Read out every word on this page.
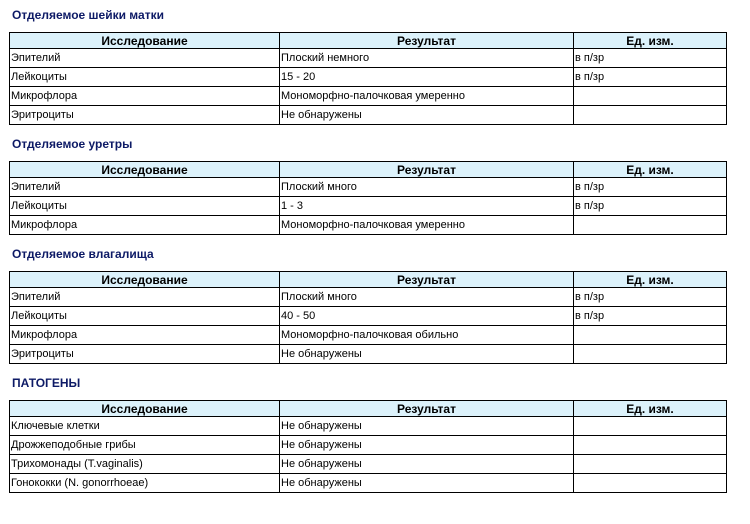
Отделяемое шейки матки
Исследование	Результат	Ед. изм.
Эпителий	Плоский немного	в п/зр
Лейкоциты	15 - 20	в п/зр
Микрофлора	Мономорфно-палочковая умеренно	
Эритроциты	Не обнаружены	
Отделяемое уретры
Исследование	Результат	Ед. изм.
Эпителий	Плоский много	в п/зр
Лейкоциты	1 - 3	в п/зр
Микрофлора	Мономорфно-палочковая умеренно	
Отделяемое влагалища
Исследование	Результат	Ед. изм.
Эпителий	Плоский много	в п/зр
Лейкоциты	40 - 50	в п/зр
Микрофлора	Мономорфно-палочковая обильно	
Эритроциты	Не обнаружены	
ПАТОГЕНЫ
Исследование	Результат	Ед. изм.
Ключевые клетки	Не обнаружены	
Дрожжеподобные грибы	Не обнаружены	
Трихомонады (T.vaginalis)	Не обнаружены	
Гонококки (N. gonorrhoeae)	Не обнаружены	
